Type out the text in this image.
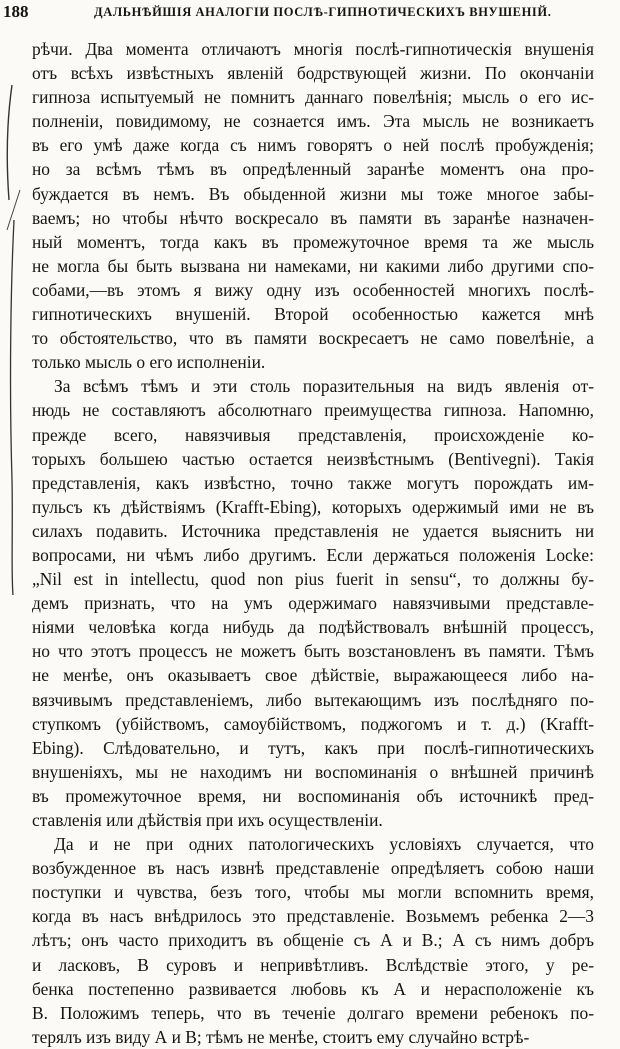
188	ДАЛЬНѢЙШІЯ АНАЛОГІИ ПОСЛѢ-ГИПНОТИЧЕСКИХЪ ВНУШЕНІЙ.
рѣчи. Два момента отличаютъ многія послѣ-гипнотическія внушенія
отъ всѣхъ извѣстныхъ явленій бодрствующей жизни. По окончаніи
гипноза испытуемый не помнитъ даннаго повелѣнія; мысль о его ис-
полненіи, повидимому, не сознается имъ. Эта мысль не возникаетъ
въ его умѣ даже когда съ нимъ говорятъ о ней послѣ пробужденія;
но за всѣмъ тѣмъ въ опредѣленный заранѣе моментъ она про-
буждается въ немъ. Въ обыденной жизни мы тоже многое забы-
ваемъ; но чтобы нѣчто воскресало въ памяти въ заранѣе назначен-
ный моментъ, тогда какъ въ промежуточное время та же мысль
не могла бы быть вызвана ни намеками, ни какими либо другими спо-
собами,—въ этомъ я вижу одну изъ особенностей многихъ послѣ-
гипнотическихъ внушеній. Второй особенностью кажется мнѣ
то обстоятельство, что въ памяти воскресаетъ не само повелѣніе, а
только мысль о его исполненіи.
За всѣмъ тѣмъ и эти столь поразительныя на видъ явленія от-
нюдь не составляютъ абсолютнаго преимущества гипноза. Напомню,
прежде всего, навязчивыя представленія, происхожденіе ко-
торыхъ большею частью остается неизвѣстнымъ (Bentivegni). Такія
представленія, какъ извѣстно, точно также могутъ порождать им-
пульсъ къ дѣйствіямъ (Krafft-Ebing), которыхъ одержимый ими не въ
силахъ подавить. Источника представленія не удается выяснить ни
вопросами, ни чѣмъ либо другимъ. Если держаться положенія Locke:
„Nil est in intellectu, quod non pius fuerit in sensu“, то должны бу-
демъ признать, что на умъ одержимаго навязчивыми представле-
ніями человѣка когда нибудь да подѣйствовалъ внѣшній процессъ,
но что этотъ процессъ не можетъ быть возстановленъ въ памяти. Тѣмъ
не менѣе, онъ оказываетъ свое дѣйствіе, выражающееся либо на-
вязчивымъ представленіемъ, либо вытекающимъ изъ послѣдняго по-
ступкомъ (убійствомъ, самоубійствомъ, поджогомъ и т. д.) (Krafft-
Ebing). Слѣдовательно, и тутъ, какъ при послѣ-гипнотическихъ
внушеніяхъ, мы не находимъ ни воспоминанія о внѣшней причинѣ
въ промежуточное время, ни воспоминанія объ источникѣ пред-
ставленія или дѣйствія при ихъ осуществленіи.
Да и не при одних патологическихъ условіяхъ случается, что
возбужденное въ насъ извнѣ представленіе опредѣляетъ собою наши
поступки и чувства, безъ того, чтобы мы могли вспомнить время,
когда въ насъ внѣдрилось это представленіе. Возьмемъ ребенка 2—3
лѣтъ; онъ часто приходитъ въ общеніе съ А и В.; А съ нимъ добръ
и ласковъ, В суровъ и непривѣтливъ. Вслѣдствіе этого, у ре-
бенка постепенно развивается любовь къ А и нерасположеніе къ
В. Положимъ теперь, что въ теченіе долгаго времени ребенокъ по-
терялъ изъ виду А и В; тѣмъ не менѣе, стоитъ ему случайно встрѣ-
